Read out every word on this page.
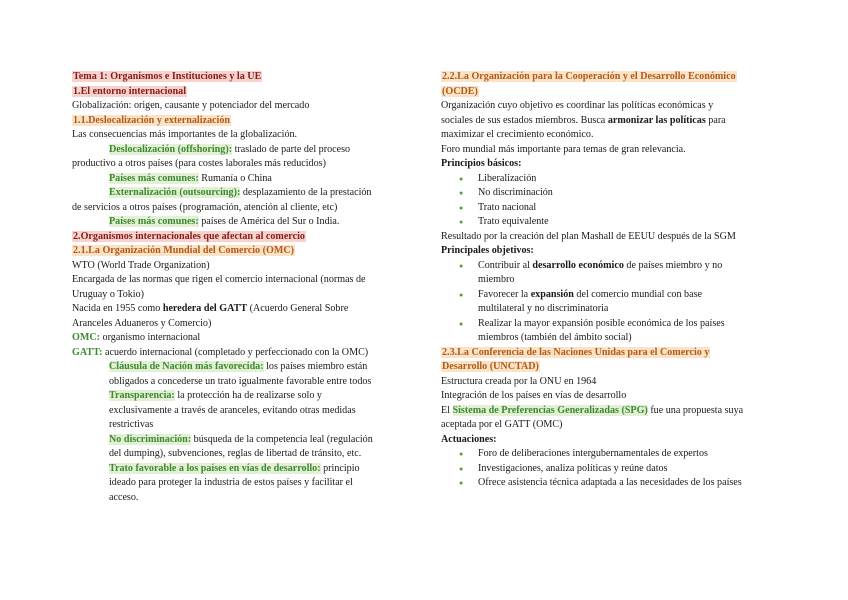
Tema 1: Organismos e Instituciones y la UE

1.El entorno internacional

Globalización: origen, causante y potenciador del mercado

1.1.Deslocalización y externalización

Las consecuencias más importantes de la globalización.

Deslocalización (offshoring): traslado de parte del proceso

productivo a otros países (para costes laborales más reducidos)

Países más comunes: Rumanía o China

Externalización (outsourcing): desplazamiento de la prestación

de servicios a otros países (programación, atención al cliente, etc)

Países más comunes: países de América del Sur o India.

2.Organismos internacionales que afectan al comercio

2.1.La Organización Mundial del Comercio (OMC)

WTO (World Trade Organization)

Encargada de las normas que rigen el comercio internacional (normas de

Uruguay o Tokio)

Nacida en 1955 como heredera del GATT (Acuerdo General Sobre

Aranceles Aduaneros y Comercio)

OMC: organismo internacional

GATT: acuerdo internacional (completado y perfeccionado con la OMC)

Cláusula de Nación más favorecida: los países miembro están

obligados a concederse un trato igualmente favorable entre todos

Transparencia: la protección ha de realizarse solo y

exclusivamente a través de aranceles, evitando otras medidas

restrictivas

No discriminación: búsqueda de la competencia leal (regulación

del dumping), subvenciones, reglas de libertad de tránsito, etc.

Trato favorable a los países en vías de desarrollo: principio

ideado para proteger la industria de estos países y facilitar el

acceso.

2.2.La Organización para la Cooperación y el Desarrollo Económico

(OCDE)

Organización cuyo objetivo es coordinar las políticas económicas y

sociales de sus estados miembros. Busca armonizar las políticas para

maximizar el crecimiento económico.

Foro mundial más importante para temas de gran relevancia.

Principios básicos:

● Liberalización
● No discriminación
● Trato nacional
● Trato equivalente

Resultado por la creación del plan Mashall de EEUU después de la SGM

Principales objetivos:

● Contribuir al desarrollo económico de países miembro y no
miembro
● Favorecer la expansión del comercio mundial con base
multilateral y no discriminatoria
● Realizar la mayor expansión posible económica de los países
miembros (también del ámbito social)

2.3.La Conferencia de las Naciones Unidas para el Comercio y

Desarrollo (UNCTAD)

Estructura creada por la ONU en 1964

Integración de los países en vías de desarrollo

El Sistema de Preferencias Generalizadas (SPG) fue una propuesta suya

aceptada por el GATT (OMC)

Actuaciones:

● Foro de deliberaciones intergubernamentales de expertos
● Investigaciones, analiza políticas y reúne datos
● Ofrece asistencia técnica adaptada a las necesidades de los países
